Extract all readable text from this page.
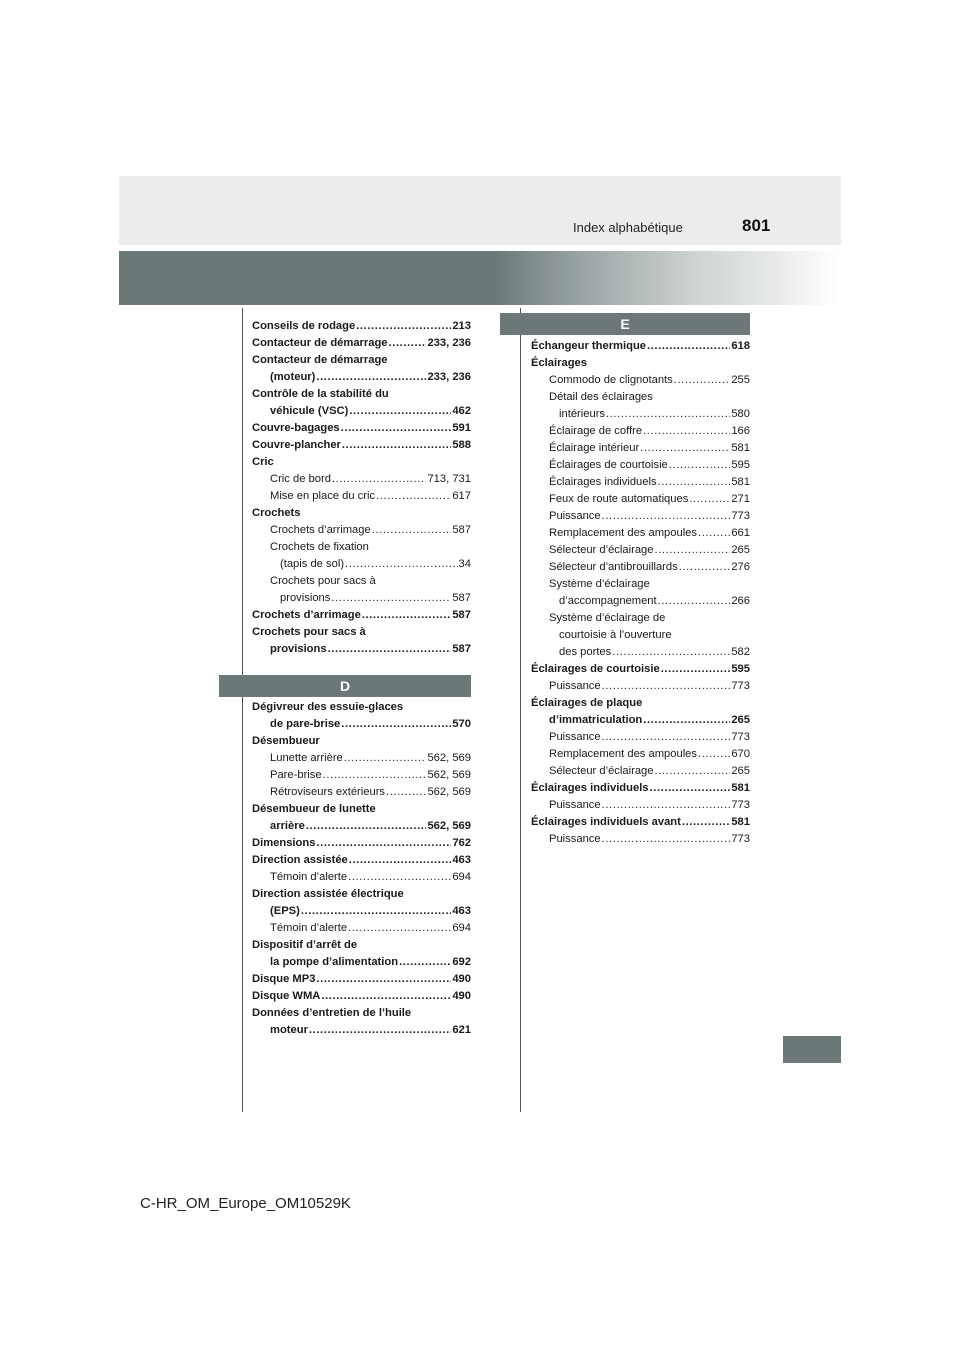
Index alphabétique	801
Conseils de rodage .....	213
Contacteur de démarrage .....	233, 236
Contacteur de démarrage
(moteur) .....	233, 236
Contrôle de la stabilité du
véhicule (VSC) .....	462
Couvre-bagages .....	591
Couvre-plancher .....	588
Cric
Cric de bord .....	713, 731
Mise en place du cric .....	617
Crochets
Crochets d’arrimage .....	587
Crochets de fixation
(tapis de sol) .....	34
Crochets pour sacs à
provisions .....	587
Crochets d’arrimage .....	587
Crochets pour sacs à
provisions .....	587
D
Dégivreur des essuie-glaces
de pare-brise .....	570
Désembueur
Lunette arrière .....	562, 569
Pare-brise .....	562, 569
Rétroviseurs extérieurs .....	562, 569
Désembueur de lunette
arrière .....	562, 569
Dimensions .....	762
Direction assistée .....	463
Témoin d’alerte .....	694
Direction assistée électrique
(EPS) .....	463
Témoin d’alerte .....	694
Dispositif d’arrêt de
la pompe d’alimentation .....	692
Disque MP3 .....	490
Disque WMA .....	490
Données d’entretien de l’huile
moteur .....	621
E
Échangeur thermique .....	618
Éclairages
Commodo de clignotants .....	255
Détail des éclairages
intérieurs .....	580
Éclairage de coffre .....	166
Éclairage intérieur .....	581
Éclairages de courtoisie .....	595
Éclairages individuels .....	581
Feux de route automatiques .....	271
Puissance .....	773
Remplacement des ampoules .....	661
Sélecteur d’éclairage .....	265
Sélecteur d’antibrouillards .....	276
Système d’éclairage
d’accompagnement .....	266
Système d’éclairage de
courtoisie à l’ouverture
des portes .....	582
Éclairages de courtoisie .....	595
Puissance .....	773
Éclairages de plaque
d’immatriculation .....	265
Puissance .....	773
Remplacement des ampoules .....	670
Sélecteur d’éclairage .....	265
Éclairages individuels .....	581
Puissance .....	773
Éclairages individuels avant .....	581
Puissance .....	773
C-HR_OM_Europe_OM10529K
